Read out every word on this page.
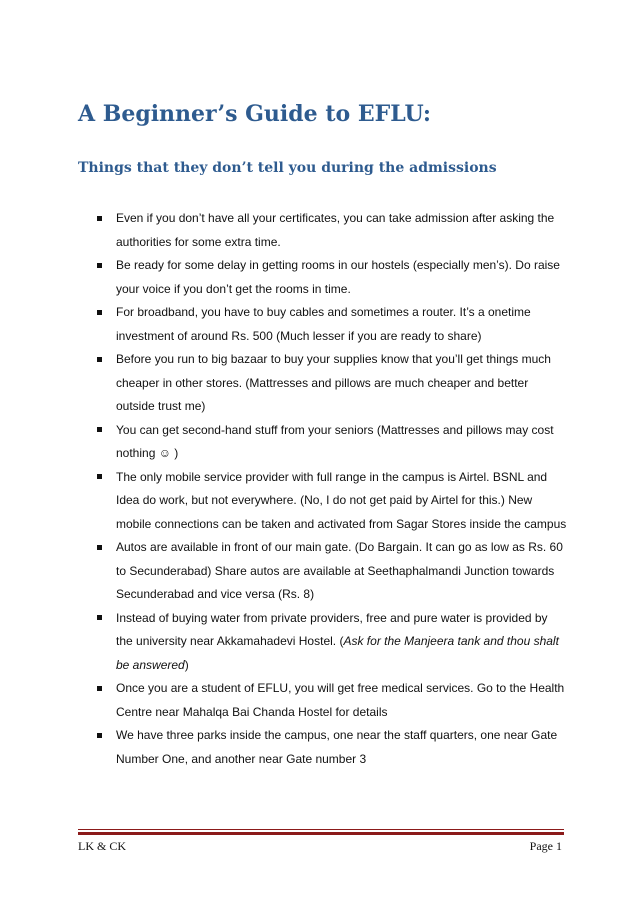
A Beginner’s Guide to EFLU:
Things that they don’t tell you during the admissions
Even if you don’t have all your certificates, you can take admission after asking the
authorities for some extra time.
Be ready for some delay in getting rooms in our hostels (especially men’s). Do raise
your voice if you don’t get the rooms in time.
For broadband, you have to buy cables and sometimes a router. It’s a onetime
investment of around Rs. 500 (Much lesser if you are ready to share)
Before you run to big bazaar to buy your supplies know that you’ll get things much
cheaper in other stores. (Mattresses and pillows are much cheaper and better
outside trust me)
You can get second-hand stuff from your seniors (Mattresses and pillows may cost
nothing ☺ )
The only mobile service provider with full range in the campus is Airtel. BSNL and
Idea do work, but not everywhere. (No, I do not get paid by Airtel for this.) New
mobile connections can be taken and activated from Sagar Stores inside the campus
Autos are available in front of our main gate. (Do Bargain. It can go as low as Rs. 60
to Secunderabad) Share autos are available at Seethaphalmandi Junction towards
Secunderabad and vice versa (Rs. 8)
Instead of buying water from private providers, free and pure water is provided by
the university near Akkamahadevi Hostel. (Ask for the Manjeera tank and thou shalt
be answered)
Once you are a student of EFLU, you will get free medical services. Go to the Health
Centre near Mahalqa Bai Chanda Hostel for details
We have three parks inside the campus, one near the staff quarters, one near Gate
Number One, and another near Gate number 3
LK & CK	Page 1
